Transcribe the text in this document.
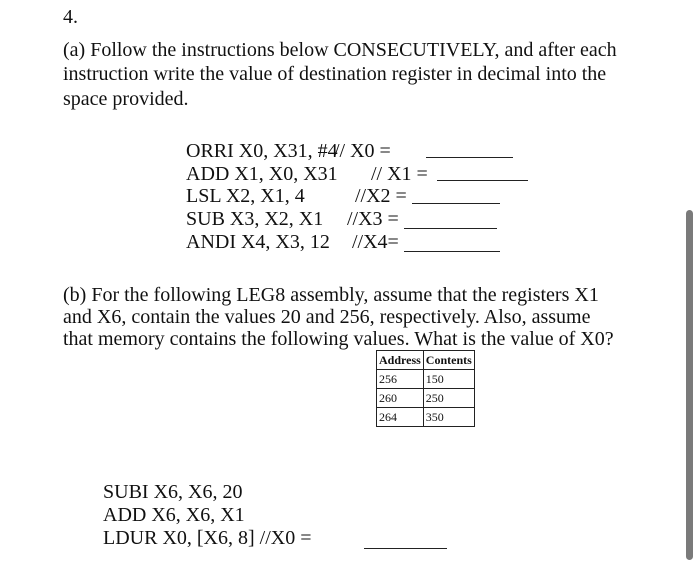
4.
(a) Follow the instructions below CONSECUTIVELY, and after each
instruction write the value of destination register in decimal into the
space provided.
ORRI X0, X31, #4
// X0 =
ADD X1, X0, X31 // X1 =
LSL X2, X1, 4	//X2 =
SUB X3, X2, X1 //X3 =
ANDI X4, X3, 12 //X4=
(b) For the following LEG8 assembly, assume that the registers X1
and X6, contain the values 20 and 256, respectively. Also, assume
that memory contains the following values. What is the value of X0?
Address	Contents
256	150
260	250
264	350
SUBI X6, X6, 20
ADD X6, X6, X1
LDUR X0, [X6, 8] //X0 =
